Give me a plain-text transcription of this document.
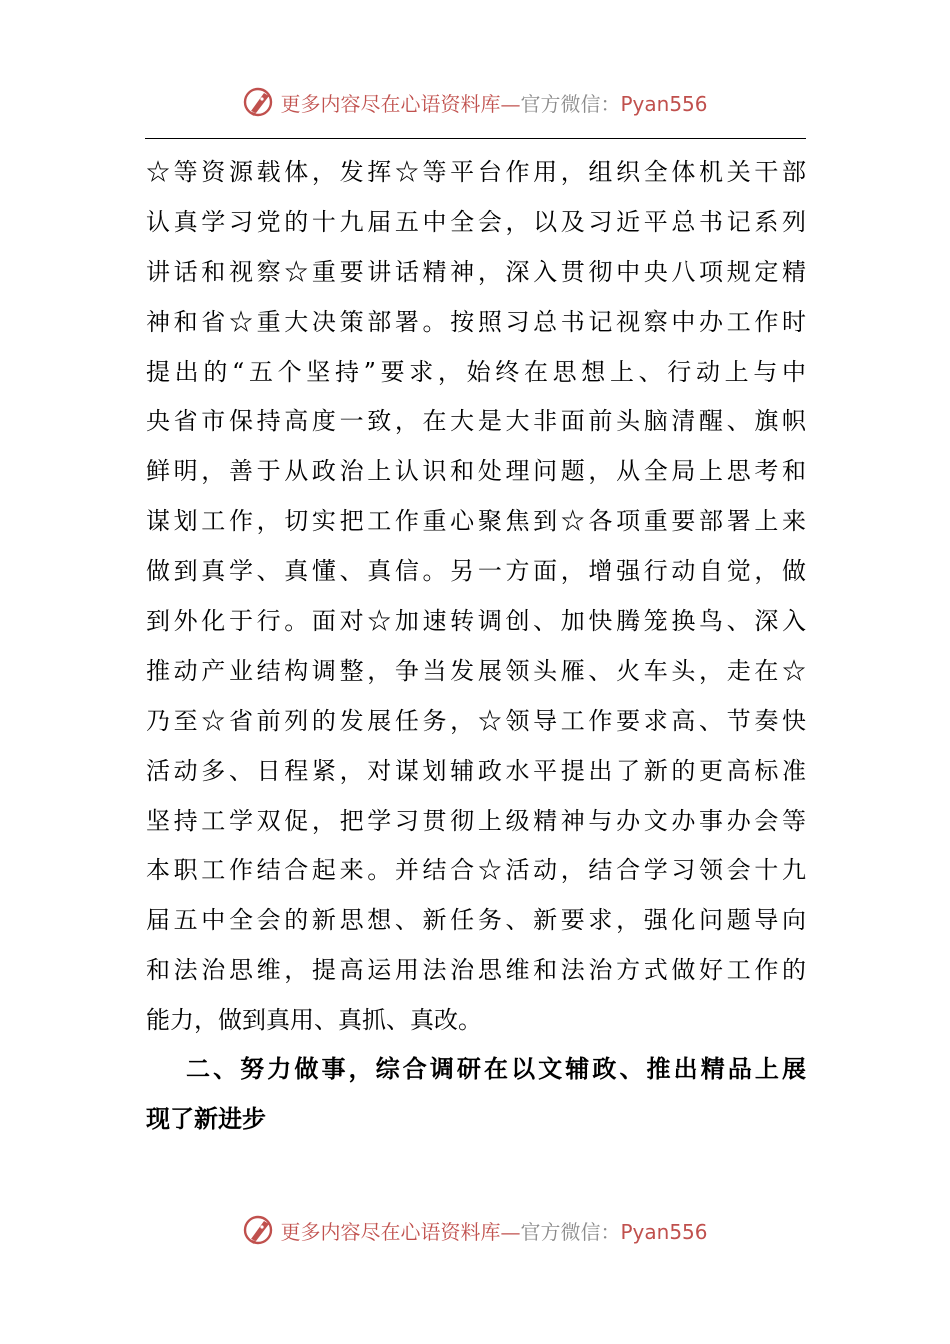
更多内容尽在心语资料库—官方微信：Pyan556
☆等资源载体，发挥☆等平台作用，组织全体机关干部
认真学习党的十九届五中全会，以及习近平总书记系列
讲话和视察☆重要讲话精神，深入贯彻中央八项规定精
神和省☆重大决策部署。按照习总书记视察中办工作时
提出的“五个坚持”要求，始终在思想上、行动上与中
央省市保持高度一致，在大是大非面前头脑清醒、旗帜
鲜明，善于从政治上认识和处理问题，从全局上思考和
谋划工作，切实把工作重心聚焦到☆各项重要部署上来
做到真学、真懂、真信。另一方面，增强行动自觉，做
到外化于行。面对☆加速转调创、加快腾笼换鸟、深入
推动产业结构调整，争当发展领头雁、火车头，走在☆
乃至☆省前列的发展任务，☆领导工作要求高、节奏快
活动多、日程紧，对谋划辅政水平提出了新的更高标准
坚持工学双促，把学习贯彻上级精神与办文办事办会等
本职工作结合起来。并结合☆活动，结合学习领会十九
届五中全会的新思想、新任务、新要求，强化问题导向
和法治思维，提高运用法治思维和法治方式做好工作的
能力，做到真用、真抓、真改。
二、努力做事，综合调研在以文辅政、推出精品上展
现了新进步
更多内容尽在心语资料库—官方微信：Pyan556
